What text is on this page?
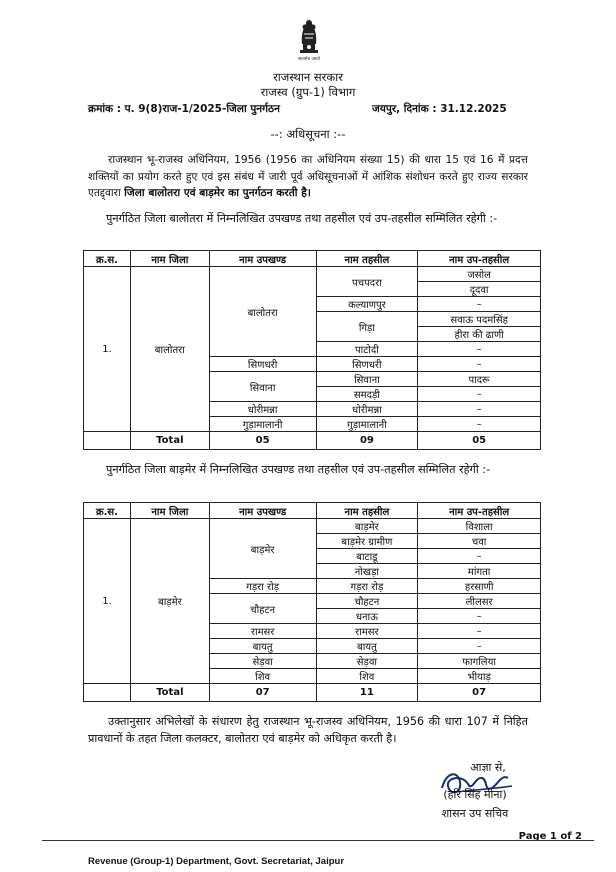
सत्यमेव जयते
राजस्थान सरकार
राजस्व (ग्रुप-1) विभाग
क्रमांक : प. 9(8)राज-1/2025-जिला पुनर्गठन	जयपुर, दिनांक : 31.12.2025
--: अधिसूचना :--
राजस्थान भू-राजस्व अधिनियम, 1956 (1956 का अधिनियम संख्या 15) की धारा 15 एवं 16 में प्रदत्त शक्तियों का प्रयोग करते हुए एवं इस संबंध में जारी पूर्व अधिसूचनाओं में आंशिक संशोधन करते हुए राज्य सरकार एतद्द्वारा जिला बालोतरा एवं बाड़मेर का पुनर्गठन करती है।
पुनर्गठित जिला बालोतरा में निम्नलिखित उपखण्ड तथा तहसील एवं उप-तहसील सम्मिलित रहेगी :-
क्र.स.	नाम जिला	नाम उपखण्ड	नाम तहसील	नाम उप-तहसील
1.	बालोतरा	बालोतरा	पचपदरा	जसोल
				दूदवा
			कल्याणपुर	–
			गिड़ा	सवाऊ पदमसिंह
				हीरा की ढाणी
			पाटोदी	–
		सिणधरी	सिणधरी	–
		सिवाना	सिवाना	पादरू
			समदड़ी	–
		धोरीमन्ना	धोरीमन्ना	–
		गुड़ामालानी	गुड़ामालानी	–
	Total	05	09	05
पुनर्गठित जिला बाड़मेर में निम्नलिखित उपखण्ड तथा तहसील एवं उप-तहसील सम्मिलित रहेगी :-
क्र.स.	नाम जिला	नाम उपखण्ड	नाम तहसील	नाम उप-तहसील
1.	बाड़मेर	बाड़मेर	बाड़मेर	विशाला
			बाड़मेर ग्रामीण	चवा
			बाटाडू	–
			नोखड़ा	मांगता
		गड़रा रोड़	गड़रा रोड़	हरसाणी
		चौहटन	चौहटन	लीलसर
			धनाऊ	–
		रामसर	रामसर	–
		बायतु	बायतु	–
		सेड़वा	सेड़वा	फागलिया
		शिव	शिव	भीयाड़
	Total	07	11	07
उक्तानुसार अभिलेखों के संधारण हेतु राजस्थान भू-राजस्व अधिनियम, 1956 की धारा 107 में निहित प्रावधानों के तहत जिला कलक्टर, बालोतरा एवं बाड़मेर को अधिकृत करती है।
आज्ञा से,
(हरि सिंह मीना)
शासन उप सचिव
Page 1 of 2
Revenue (Group-1) Department, Govt. Secretariat, Jaipur
